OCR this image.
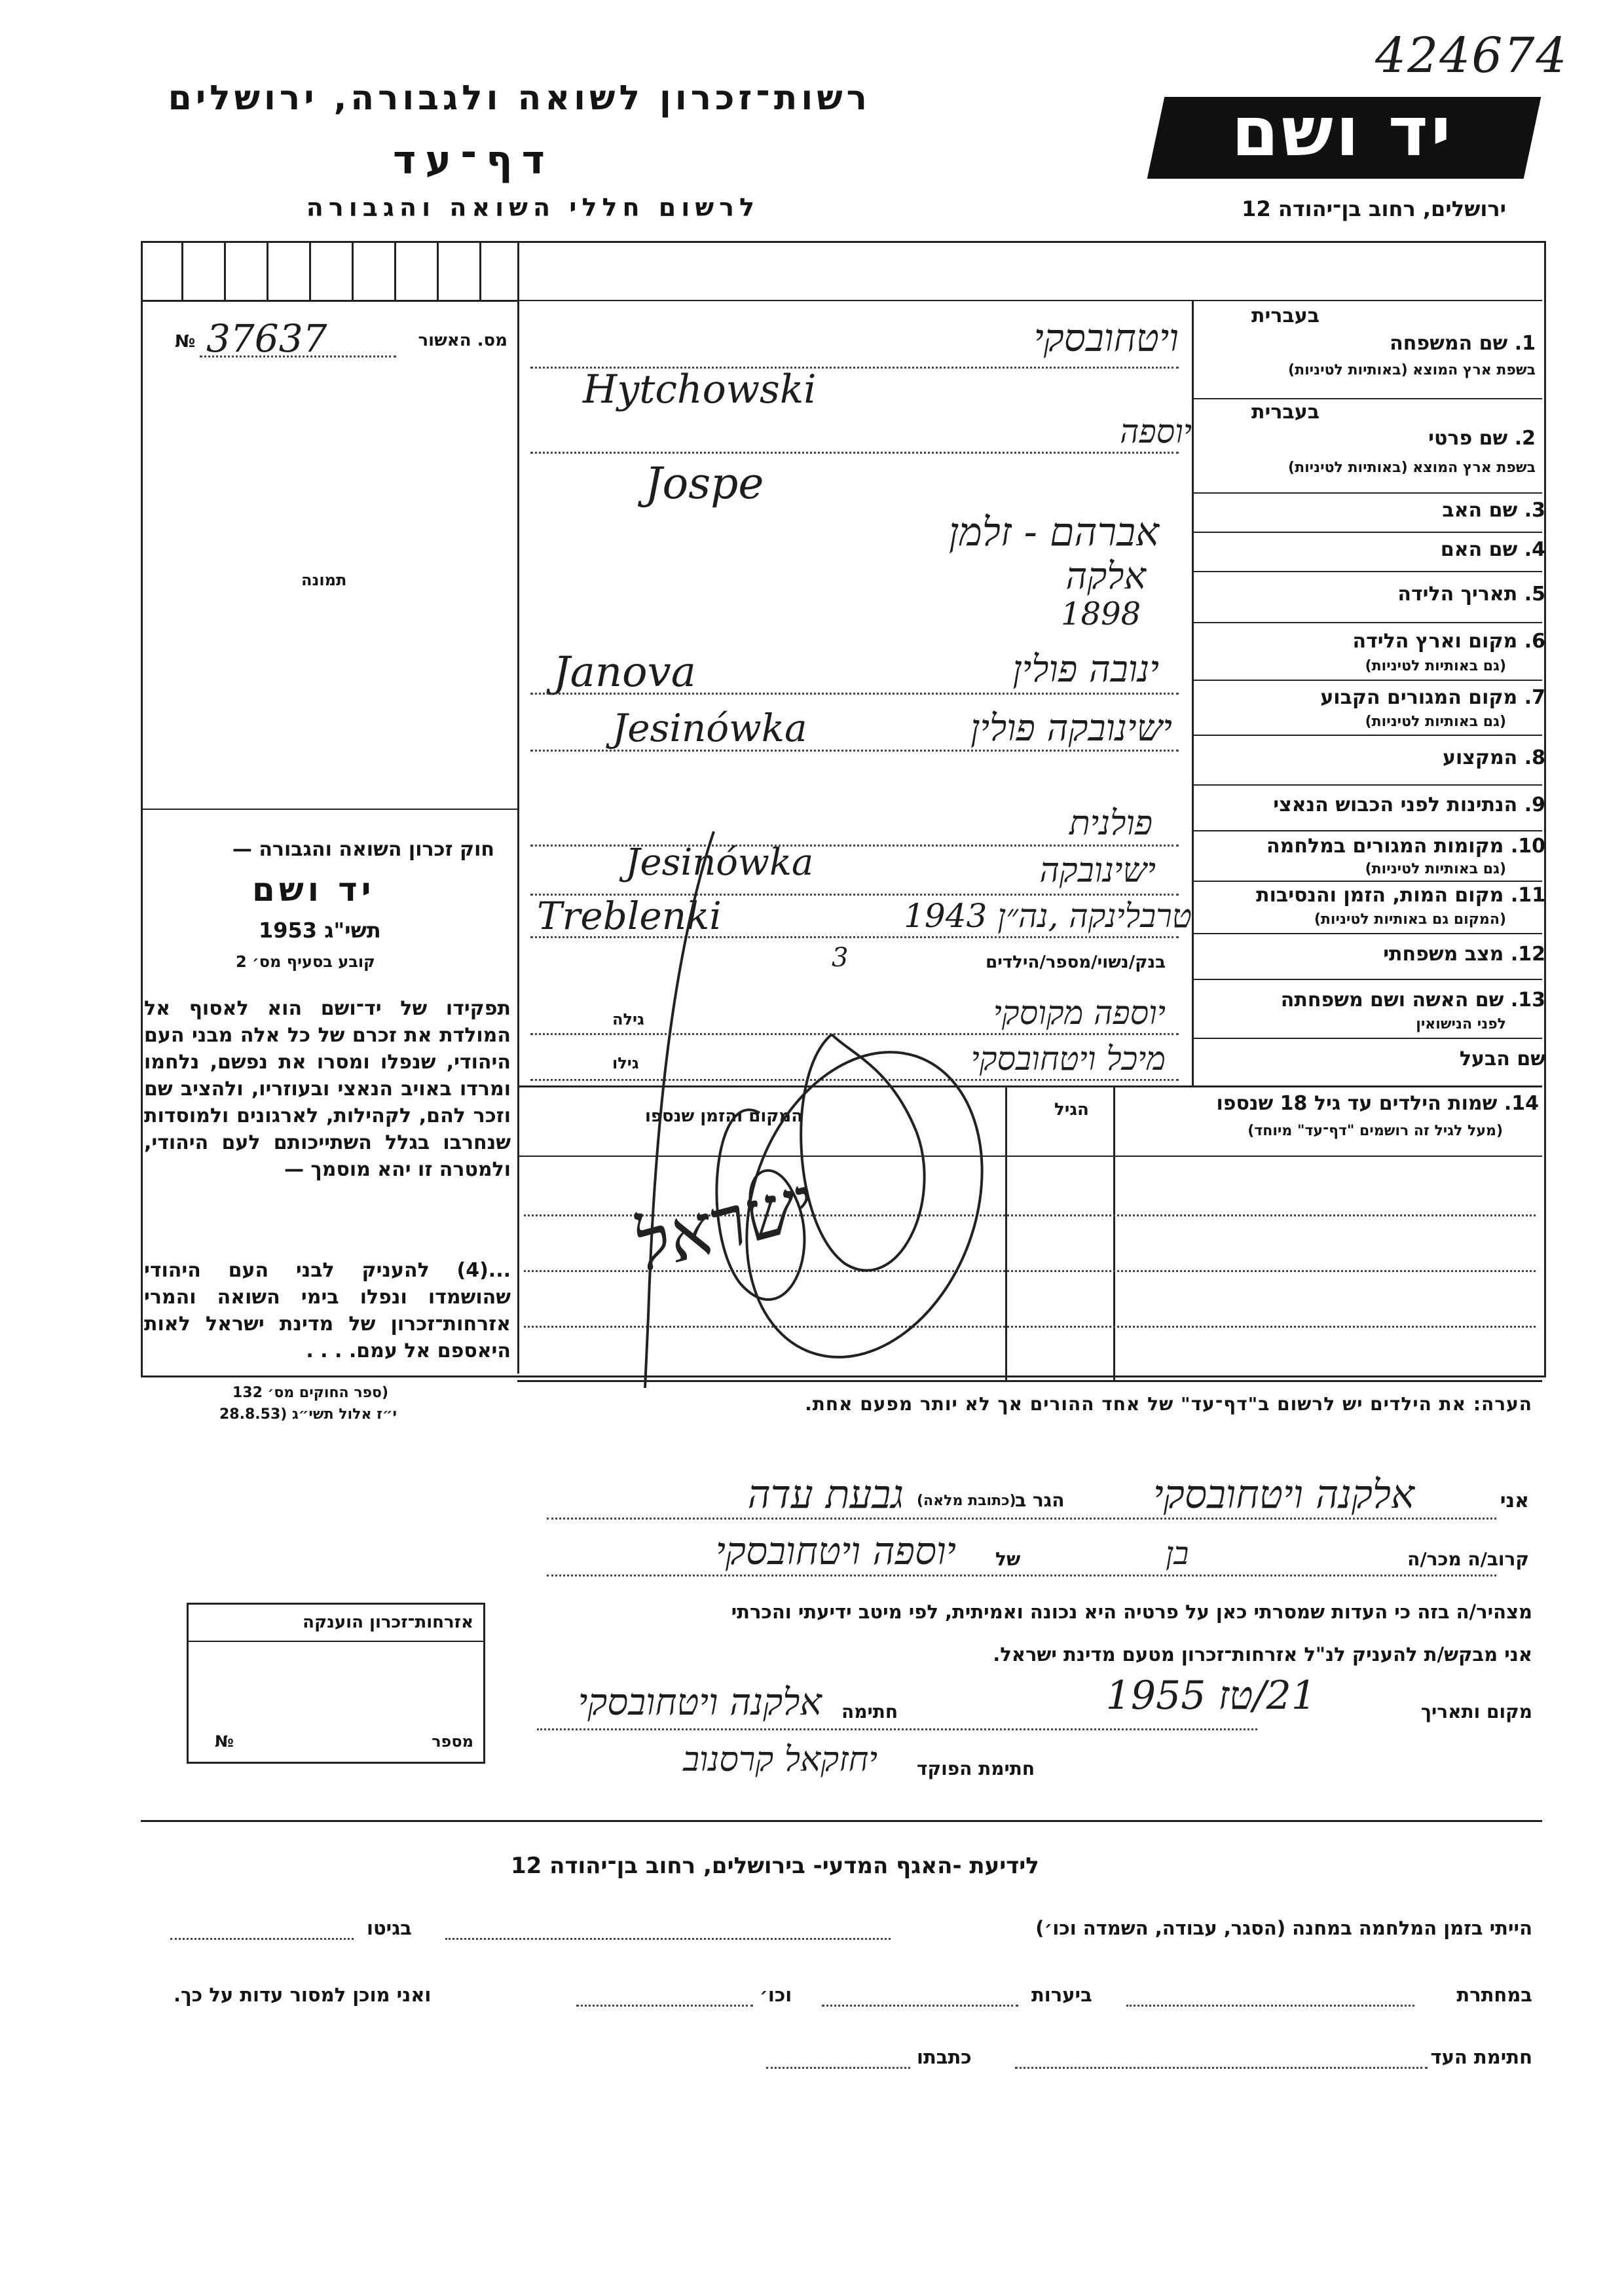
424674
רשות־זכרון לשואה ולגבורה, ירושלים
דף־עד
לרשום חללי השואה והגבורה
יד ושם
ירושלים, רחוב בן־יהודה 12
מס. האשור
№ 37637
תמונה
חוק זכרון השואה והגבורה —
יד ושם
תשי"ג 1953
קובע בסעיף מס׳ 2
תפקידו של יד־ושם הוא לאסוף אל המולדת את זכרם של כל אלה מבני העם היהודי, שנפלו ומסרו את נפשם, נלחמו ומרדו באויב הנאצי ובעוזריו, ולהציב שם וזכר להם, לקהילות, לארגונים ולמוסדות שנחרבו בגלל השתייכותם לעם היהודי, ולמטרה זו יהא מוסמך —
...(4) להעניק לבני העם היהודי שהושמדו ונפלו בימי השואה והמרי אזרחות־זכרון של מדינת ישראל לאות היאספם אל עמם. . . .
(ספר החוקים מס׳ 132
י״ז אלול תשי״ג (28.8.53
אזרחות־זכרון הוענקה
מספר
№
1. שם המשפחה
בשפת ארץ המוצא (באותיות לטיניות)
בעברית
2. שם פרטי
בשפת ארץ המוצא (באותיות לטיניות)
בעברית
3. שם האב
4. שם האם
5. תאריך הלידה
6. מקום וארץ הלידה
(גם באותיות לטיניות)
7. מקום המגורים הקבוע
(גם באותיות לטיניות)
8. המקצוע
9. הנתינות לפני הכבוש הנאצי
10. מקומות המגורים במלחמה
(גם באותיות לטיניות)
11. מקום המות, הזמן והנסיבות
(המקום גם באותיות לטיניות)
12. מצב משפחתי
13. שם האשה ושם משפחתה
לפני הנישואין
שם הבעל
ויטחובסקי
Hytchowski
יוספה
Jospe
אברהם - זלמן
אלקה
1898
ינובה פולין
Janova
ישינובקה פולין
Jesinówka
פולנית
ישינובקה
Jesinówka
טרבלינקה ,נה״ן 1943
Treblenki
בנק/נשוי/מספר/הילדים
3
גילה	יוספה מקוסקי
גילו	מיכל ויטחובסקי
14. שמות הילדים עד גיל 18 שנספו
(מעל לגיל זה רושמים "דף־עד" מיוחד)
הגיל
המקום והזמן שנספו
הערה: את הילדים יש לרשום ב"דף־עד" של אחד ההורים אך לא יותר מפעם אחת.
אני
אלקנה ויטחובסקי
הגר ב
(כתובת מלאה)
גבעת עדה
קרוב/ה מכר/ה
בן
של
יוספה ויטחובסקי
מצהיר/ה בזה כי העדות שמסרתי כאן על פרטיה היא נכונה ואמיתית, לפי מיטב ידיעתי והכרתי
אני מבקש/ת להעניק לנ"ל אזרחות־זכרון מטעם מדינת ישראל.
מקום ותאריך
21/טז 1955
חתימה
אלקנה ויטחובסקי
חתימת הפוקד
יחזקאל קרסנוב
לידיעת -האגף המדעי- בירושלים, רחוב בן־יהודה 12
הייתי בזמן המלחמה במחנה (הסגר, עבודה, השמדה וכו׳)
בגיטו
במחתרת
ביערות
וכו׳
ואני מוכן למסור עדות על כך.
חתימת העד
כתבתו
ישראל
